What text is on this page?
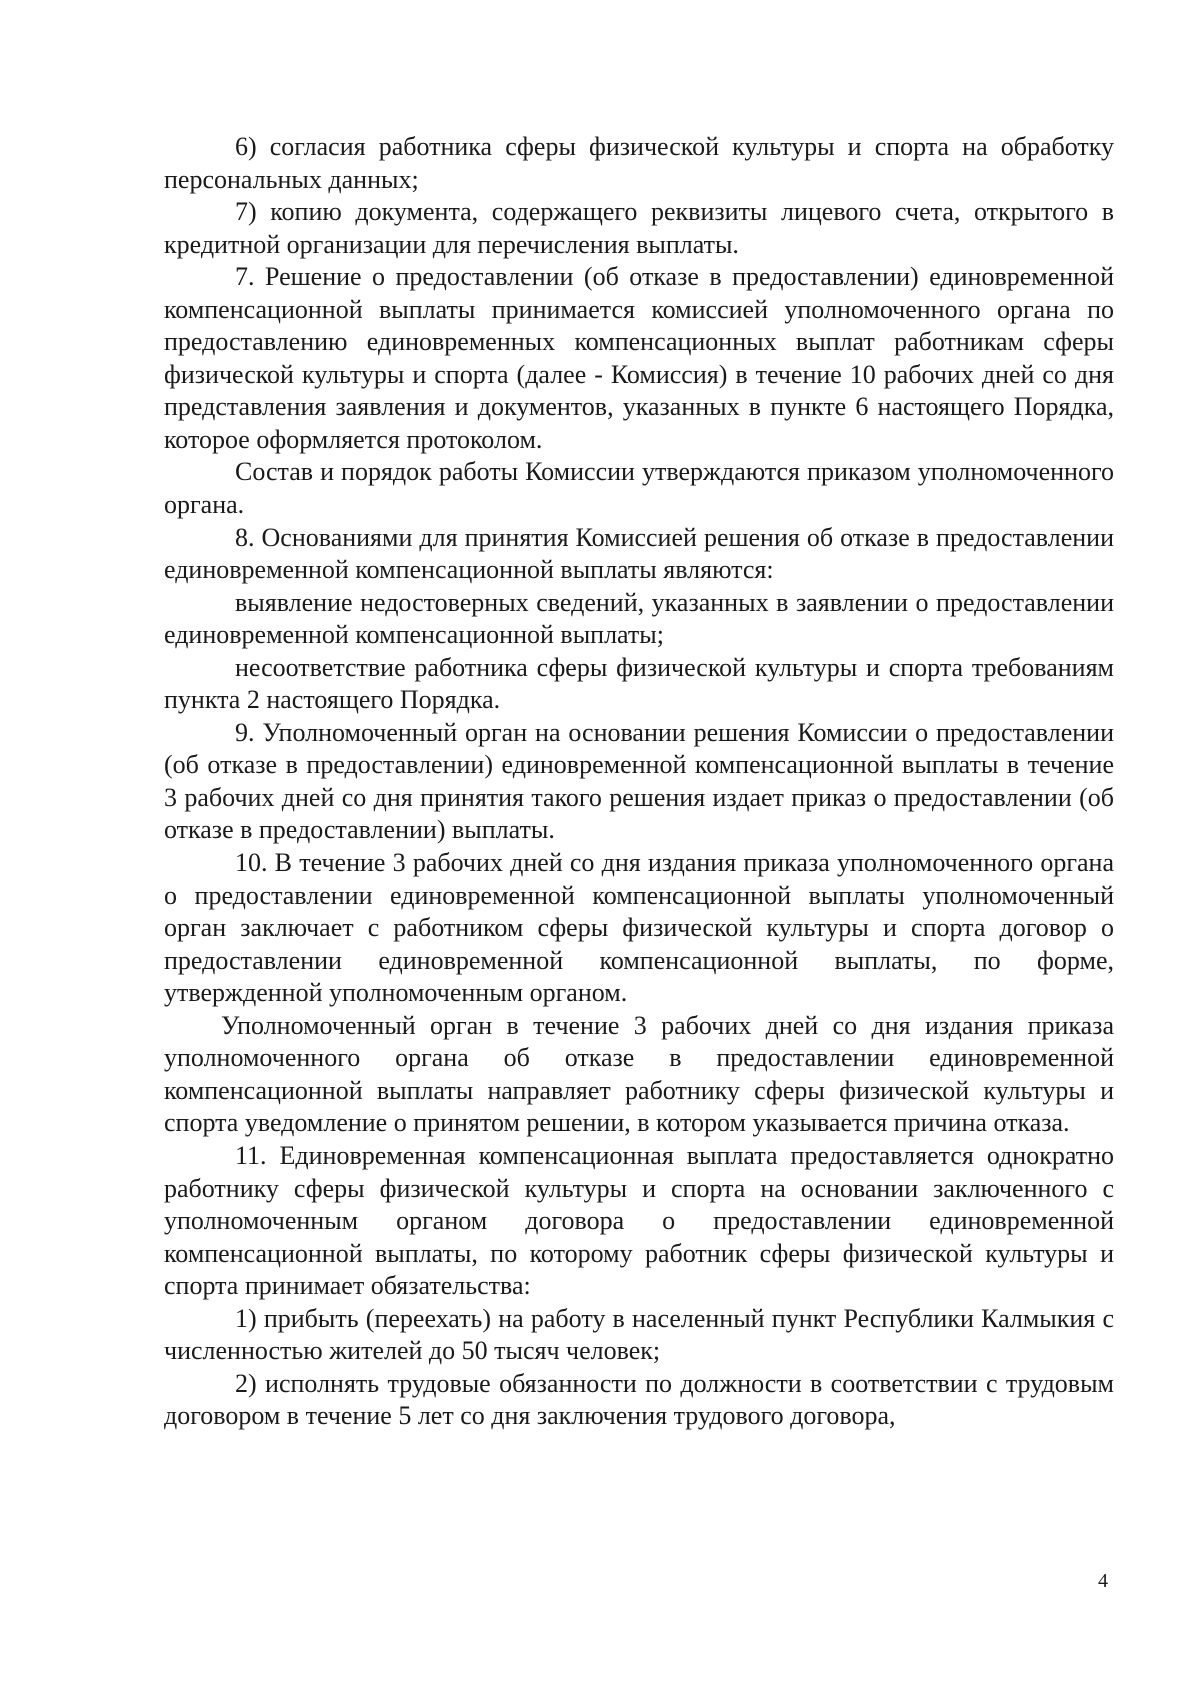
6) согласия работника сферы физической культуры и спорта на обработку персональных данных;

7) копию документа, содержащего реквизиты лицевого счета, открытого в кредитной организации для перечисления выплаты.

7. Решение о предоставлении (об отказе в предоставлении) единовременной компенсационной выплаты принимается комиссией уполномоченного органа по предоставлению единовременных компенсационных выплат работникам сферы физической культуры и спорта (далее - Комиссия) в течение 10 рабочих дней со дня представления заявления и документов, указанных в пункте 6 настоящего Порядка, которое оформляется протоколом.

Состав и порядок работы Комиссии утверждаются приказом уполномоченного органа.

8. Основаниями для принятия Комиссией решения об отказе в предоставлении единовременной компенсационной выплаты являются:

выявление недостоверных сведений, указанных в заявлении о предоставлении единовременной компенсационной выплаты;

несоответствие работника сферы физической культуры и спорта требованиям пункта 2 настоящего Порядка.

9. Уполномоченный орган на основании решения Комиссии о предоставлении (об отказе в предоставлении) единовременной компенсационной выплаты в течение 3 рабочих дней со дня принятия такого решения издает приказ о предоставлении (об отказе в предоставлении) выплаты.

10. В течение 3 рабочих дней со дня издания приказа уполномоченного органа о предоставлении единовременной компенсационной выплаты уполномоченный орган заключает с работником сферы физической культуры и спорта договор о предоставлении единовременной компенсационной выплаты, по форме, утвержденной уполномоченным органом.

Уполномоченный орган в течение 3 рабочих дней со дня издания приказа уполномоченного органа об отказе в предоставлении единовременной компенсационной выплаты направляет работнику сферы физической культуры и спорта уведомление о принятом решении, в котором указывается причина отказа.

11. Единовременная компенсационная выплата предоставляется однократно работнику сферы физической культуры и спорта на основании заключенного с уполномоченным органом договора о предоставлении единовременной компенсационной выплаты, по которому работник сферы физической культуры и спорта принимает обязательства:

1) прибыть (переехать) на работу в населенный пункт Республики Калмыкия с численностью жителей до 50 тысяч человек;

2) исполнять трудовые обязанности по должности в соответствии с трудовым договором в течение 5 лет со дня заключения трудового договора,

4
